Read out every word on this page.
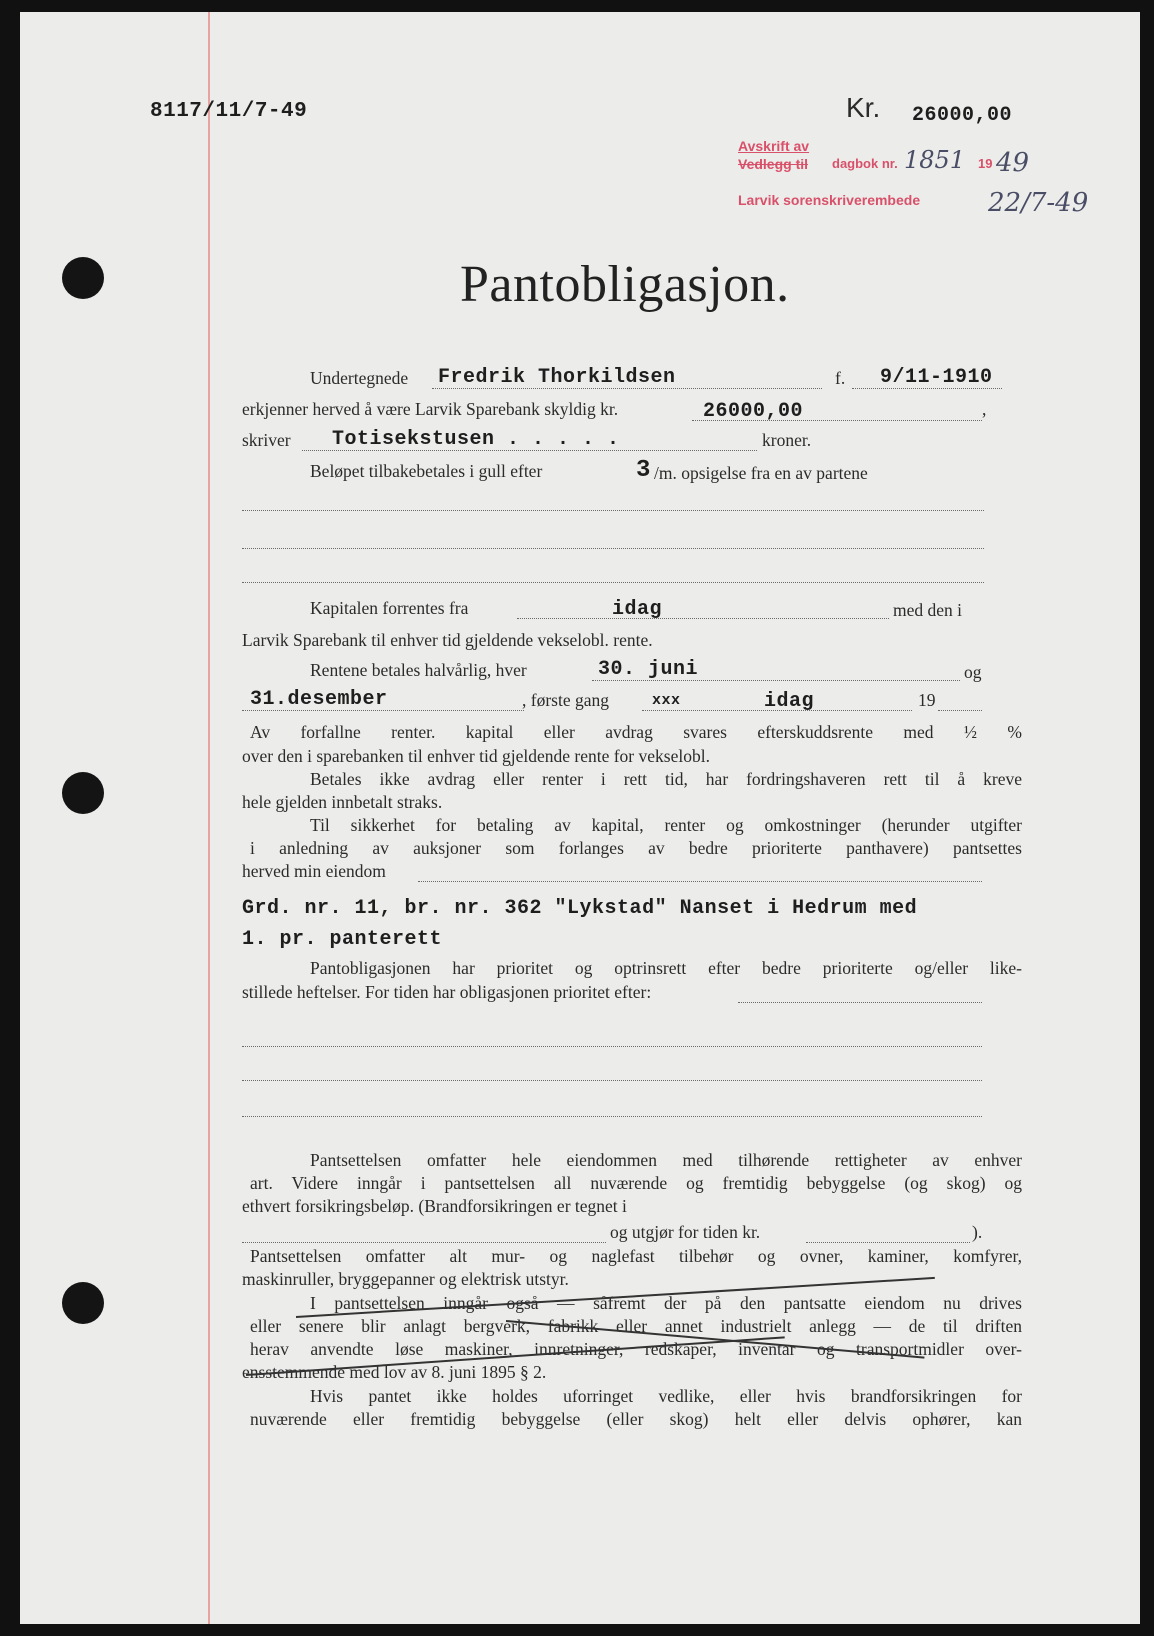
8117/11/7-49	Kr. 26000,00
Avskrift av
Vedlegg til dagbok nr.	19
Larvik sorenskriverembede
1851 49
22/7-49
Pantobligasjon.
Undertegnede Fredrik Thorkildsen	f. 9/11-1910
erkjenner herved å være Larvik Sparebank skyldig kr.	26000,00	,
skriver Totisekstusen . . . . .	kroner.
Beløpet tilbakebetales i gull efter	3 /m. opsigelse fra en av partene
Kapitalen forrentes fra	idag	med den i
Larvik Sparebank til enhver tid gjeldende vekselobl. rente.
Rentene betales halvårlig, hver	30. juni	og
31.desember	, første gang	xxx	idag	19
Av forfallne renter. kapital eller avdrag svares efterskuddsrente med ½ %
over den i sparebanken til enhver tid gjeldende rente for vekselobl.
Betales ikke avdrag eller renter i rett tid, har fordringshaveren rett til å kreve
hele gjelden innbetalt straks.
Til sikkerhet for betaling av kapital, renter og omkostninger (herunder utgifter
i anledning av auksjoner som forlanges av bedre prioriterte panthavere) pantsettes
herved min eiendom
Grd. nr. 11, br. nr. 362 "Lykstad" Nanset i Hedrum med
1. pr. panterett
Pantobligasjonen har prioritet og optrinsrett efter bedre prioriterte og/eller like-
stillede heftelser. For tiden har obligasjonen prioritet efter:
Pantsettelsen omfatter hele eiendommen med tilhørende rettigheter av enhver
art. Videre inngår i pantsettelsen all nuværende og fremtidig bebyggelse (og skog) og
ethvert forsikringsbeløp. (Brandforsikringen er tegnet i
og utgjør for tiden kr.	).
Pantsettelsen omfatter alt mur- og naglefast tilbehør og ovner, kaminer, komfyrer,
maskinruller, bryggepanner og elektrisk utstyr.
I pantsettelsen inngår også — såfremt der på den pantsatte eiendom nu drives
eller senere blir anlagt bergverk, fabrikk eller annet industrielt anlegg — de til driften
herav anvendte løse maskiner, innretninger, redskaper, inventar og transportmidler over-
ensstemmende med lov av 8. juni 1895 § 2.
Hvis pantet ikke holdes uforringet vedlike, eller hvis brandforsikringen for
nuværende eller fremtidig bebyggelse (eller skog) helt eller delvis ophører, kan
